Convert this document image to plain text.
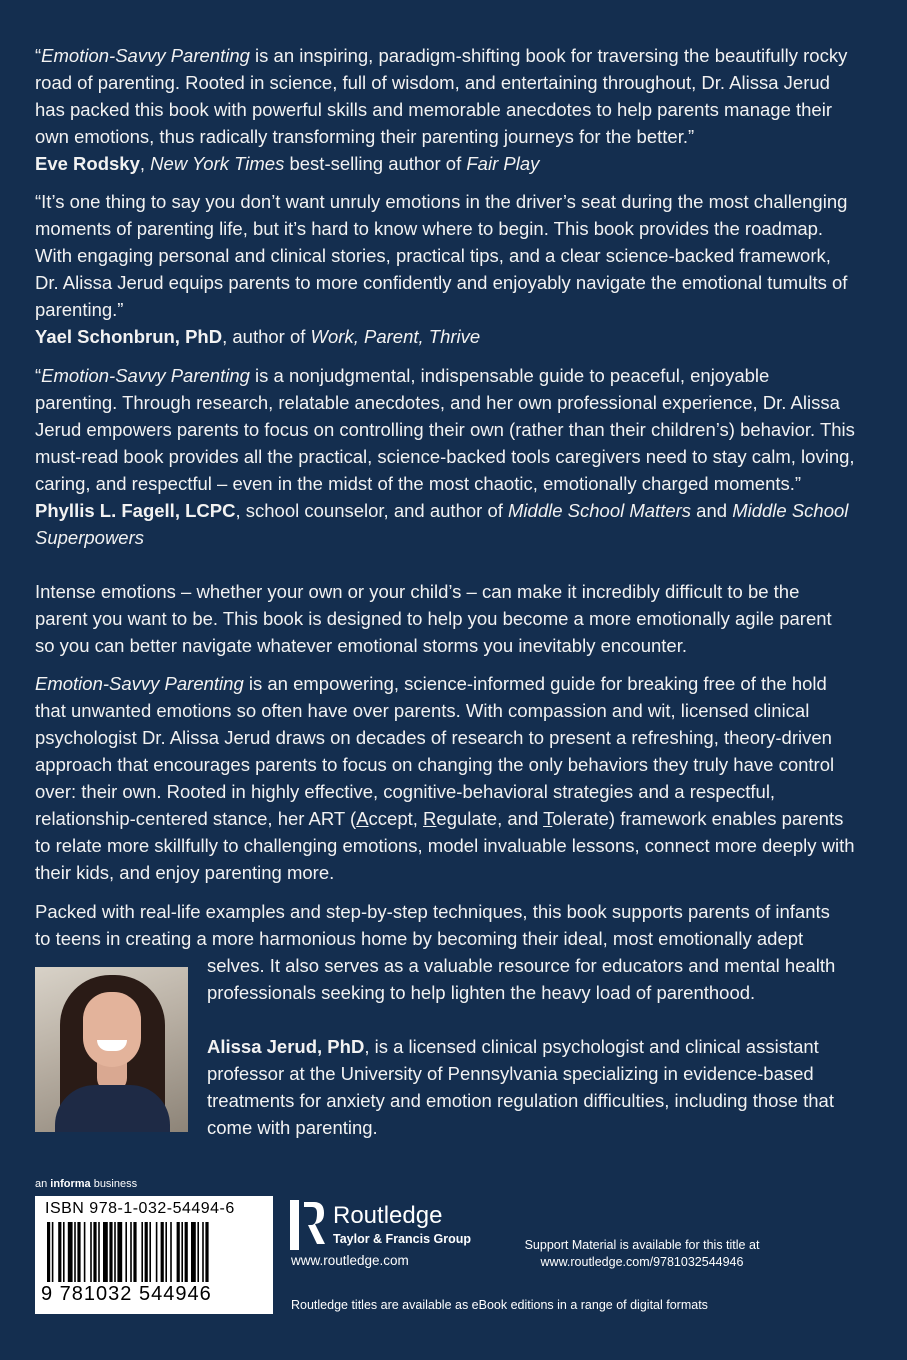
“Emotion-Savvy Parenting is an inspiring, paradigm-shifting book for traversing the beautifully rocky road of parenting. Rooted in science, full of wisdom, and entertaining throughout, Dr. Alissa Jerud has packed this book with powerful skills and memorable anecdotes to help parents manage their own emotions, thus radically transforming their parenting journeys for the better.”
Eve Rodsky, New York Times best-selling author of Fair Play

“It’s one thing to say you don’t want unruly emotions in the driver’s seat during the most challenging moments of parenting life, but it’s hard to know where to begin. This book provides the roadmap. With engaging personal and clinical stories, practical tips, and a clear science-backed framework, Dr. Alissa Jerud equips parents to more confidently and enjoyably navigate the emotional tumults of parenting.”
Yael Schonbrun, PhD, author of Work, Parent, Thrive

“Emotion-Savvy Parenting is a nonjudgmental, indispensable guide to peaceful, enjoyable parenting. Through research, relatable anecdotes, and her own professional experience, Dr. Alissa Jerud empowers parents to focus on controlling their own (rather than their children’s) behavior. This must-read book provides all the practical, science-backed tools caregivers need to stay calm, loving, caring, and respectful – even in the midst of the most chaotic, emotionally charged moments.”
Phyllis L. Fagell, LCPC, school counselor, and author of Middle School Matters and Middle School Superpowers

Intense emotions – whether your own or your child’s – can make it incredibly difficult to be the parent you want to be. This book is designed to help you become a more emotionally agile parent so you can better navigate whatever emotional storms you inevitably encounter.

Emotion-Savvy Parenting is an empowering, science-informed guide for breaking free of the hold that unwanted emotions so often have over parents. With compassion and wit, licensed clinical psychologist Dr. Alissa Jerud draws on decades of research to present a refreshing, theory-driven approach that encourages parents to focus on changing the only behaviors they truly have control over: their own. Rooted in highly effective, cognitive-behavioral strategies and a respectful, relationship-centered stance, her ART (Accept, Regulate, and Tolerate) framework enables parents to relate more skillfully to challenging emotions, model invaluable lessons, connect more deeply with their kids, and enjoy parenting more.

Packed with real-life examples and step-by-step techniques, this book supports parents of infants

to teens in creating a more harmonious home by becoming their ideal, most emotionally adept

selves. It also serves as a valuable resource for educators and mental health professionals seeking to help lighten the heavy load of parenthood.

Alissa Jerud, PhD, is a licensed clinical psychologist and clinical assistant professor at the University of Pennsylvania specializing in evidence-based treatments for anxiety and emotion regulation difficulties, including those that come with parenting.

an informa business
ISBN 978-1-032-54494-6
9 781032 544946
Routledge
Taylor & Francis Group
www.routledge.com
Support Material is available for this title at
www.routledge.com/9781032544946
Routledge titles are available as eBook editions in a range of digital formats
